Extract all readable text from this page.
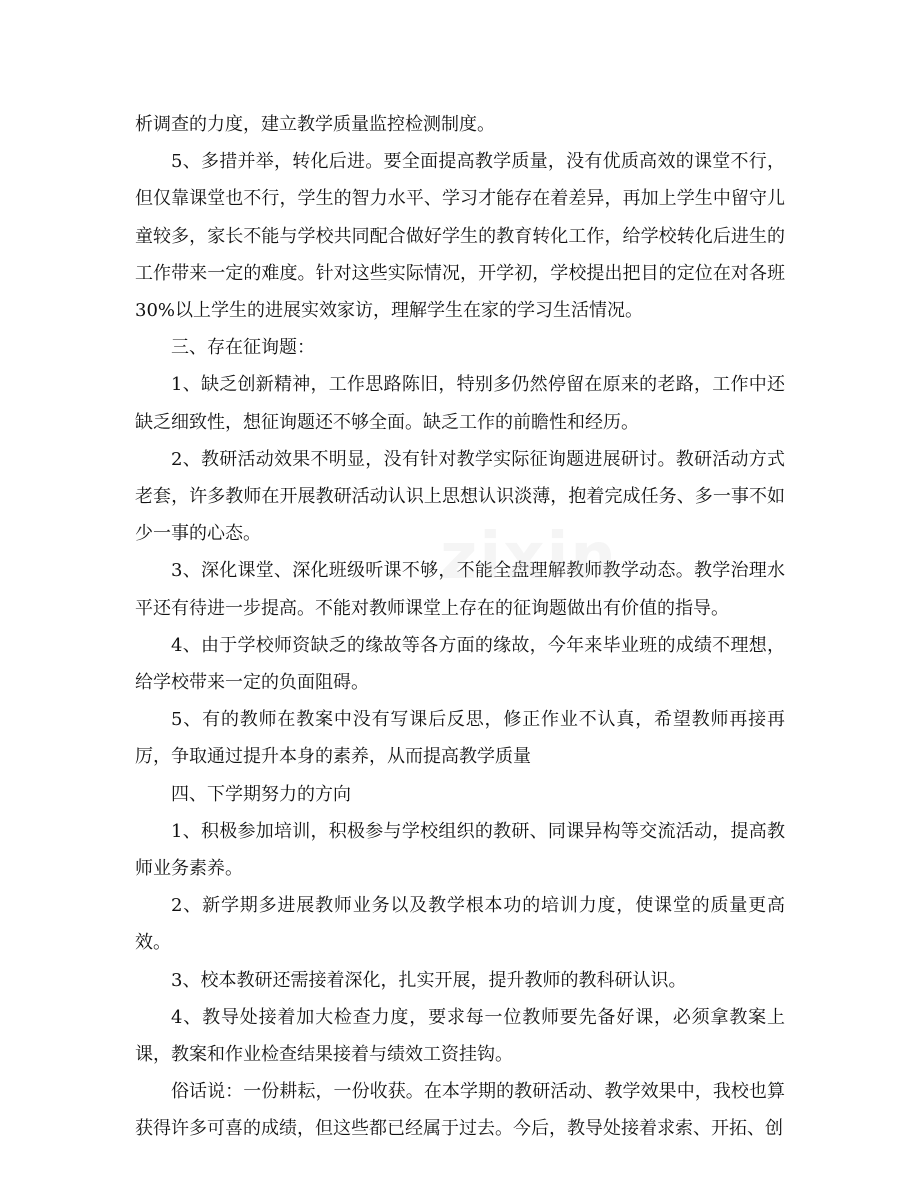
析调查的力度，建立教学质量监控检测制度。

5、多措并举，转化后进。要全面提高教学质量，没有优质高效的课堂不行，但仅靠课堂也不行，学生的智力水平、学习才能存在着差异，再加上学生中留守儿童较多，家长不能与学校共同配合做好学生的教育转化工作，给学校转化后进生的工作带来一定的难度。针对这些实际情况，开学初，学校提出把目的定位在对各班 30%以上学生的进展实效家访，理解学生在家的学习生活情况。

三、存在征询题：

1、缺乏创新精神，工作思路陈旧，特别多仍然停留在原来的老路，工作中还缺乏细致性，想征询题还不够全面。缺乏工作的前瞻性和经历。

2、教研活动效果不明显，没有针对教学实际征询题进展研讨。教研活动方式老套，许多教师在开展教研活动认识上思想认识淡薄，抱着完成任务、多一事不如少一事的心态。

3、深化课堂、深化班级听课不够，不能全盘理解教师教学动态。教学治理水平还有待进一步提高。不能对教师课堂上存在的征询题做出有价值的指导。

4、由于学校师资缺乏的缘故等各方面的缘故，今年来毕业班的成绩不理想，给学校带来一定的负面阻碍。

5、有的教师在教案中没有写课后反思，修正作业不认真，希望教师再接再厉，争取通过提升本身的素养，从而提高教学质量

四、下学期努力的方向

1、积极参加培训，积极参与学校组织的教研、同课异构等交流活动，提高教师业务素养。

2、新学期多进展教师业务以及教学根本功的培训力度，使课堂的质量更高效。

3、校本教研还需接着深化，扎实开展，提升教师的教科研认识。

4、教导处接着加大检查力度，要求每一位教师要先备好课，必须拿教案上课，教案和作业检查结果接着与绩效工资挂钩。

俗话说：一份耕耘，一份收获。在本学期的教研活动、教学效果中，我校也算获得许多可喜的成绩，但这些都已经属于过去。今后，教导处接着求索、开拓、创

zixin
